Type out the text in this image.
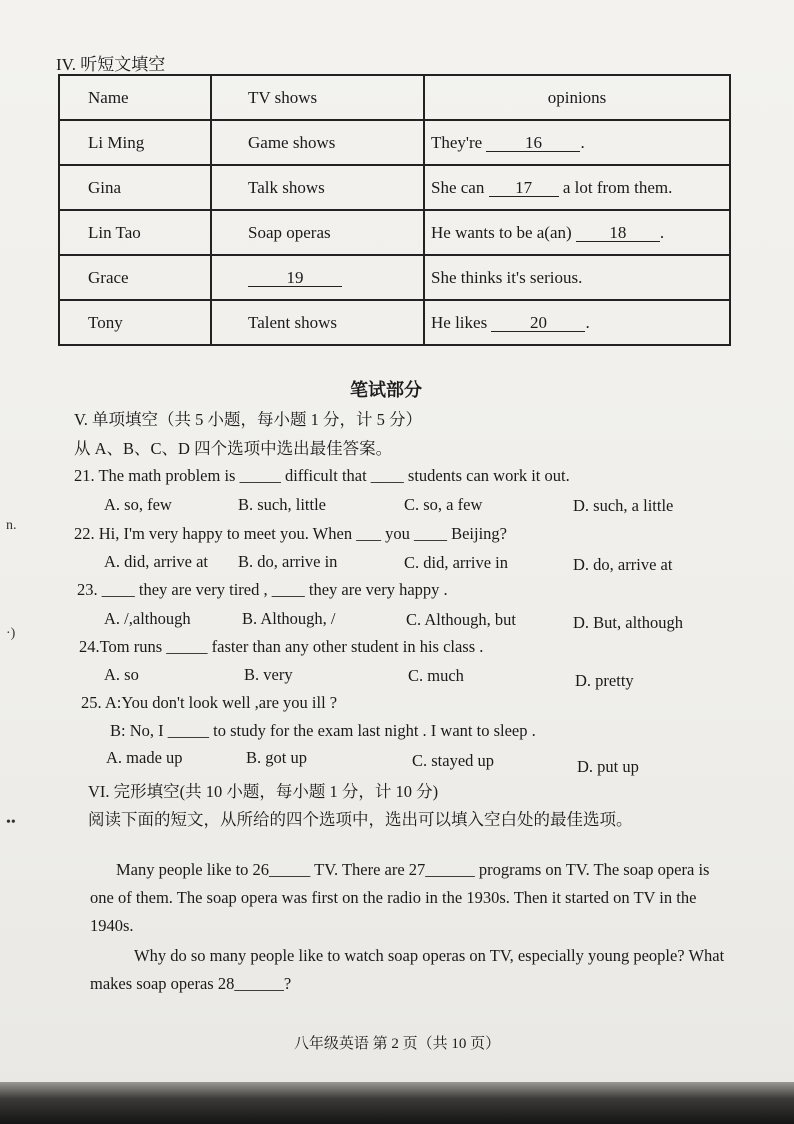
IV. 听短文填空
Name	TV shows	opinions
Li Ming	Game shows	They're 16 .
Gina	Talk shows	She can 17 a lot from them.
Lin Tao	Soap operas	He wants to be a(an) 18 .
Grace	19	She thinks it's serious.
Tony	Talent shows	He likes 20 .
笔试部分
V. 单项填空（共 5 小题，每小题 1 分，计 5 分）
从 A、B、C、D 四个选项中选出最佳答案。
21. The math problem is _____ difficult that ____ students can work it out.
A. so, few	B. such, little	C. so, a few	D. such, a little
22. Hi, I'm very happy to meet you. When ___ you ____ Beijing?
A. did, arrive at B. do, arrive in	C. did, arrive in	D. do, arrive at
23. ____ they are very tired , ____ they are very happy .
A. /,although	B. Although, /	C. Although, but	D. But, although
24.Tom runs _____ faster than any other student in his class .
A. so	B. very	C. much	D. pretty
25. A:You don't look well ,are you ill ?
B: No, I _____ to study for the exam last night . I want to sleep .
A. made up	B. got up	C. stayed up	D. put up
VI. 完形填空(共 10 小题，每小题 1 分，计 10 分)
阅读下面的短文，从所给的四个选项中，选出可以填入空白处的最佳选项。
Many people like to 26_____ TV. There are 27______ programs on TV. The soap opera is one of them. The soap opera was first on the radio in the 1930s. Then it started on TV in the 1940s.
Why do so many people like to watch soap operas on TV, especially young people? What makes soap operas 28______?
八年级英语 第 2 页（共 10 页）
n.
·)
••
